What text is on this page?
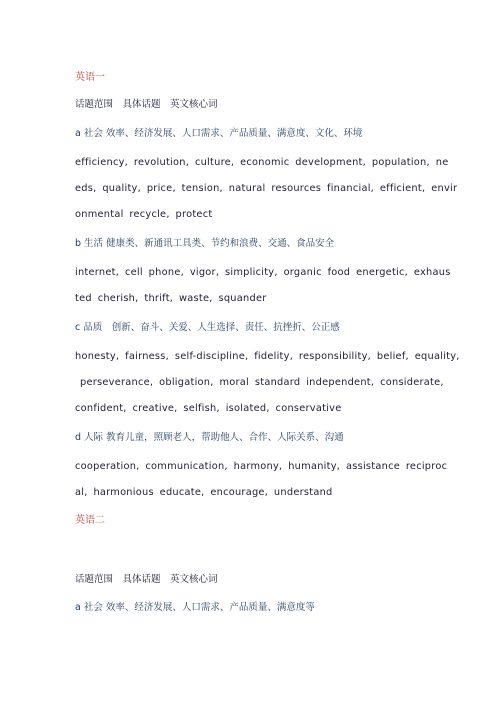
英语一
话题范围　具体话题　英文核心词
a 社会 效率、经济发展、人口需求、产品质量、满意度、文化、环境
efficiency, revolution, culture, economic development, population, ne
eds, quality, price, tension, natural resources financial, efficient, envir
onmental recycle, protect
b 生活 健康类、新通讯工具类、节约和浪费、交通、食品安全
internet, cell phone, vigor, simplicity, organic food energetic, exhaus
ted cherish, thrift, waste, squander
c 品质　创新、奋斗、关爱、人生选择、责任、抗挫折、公正感
honesty, fairness, self-discipline, fidelity, responsibility, belief, equality,
perseverance, obligation, moral standard independent, considerate,
confident, creative, selfish, isolated, conservative
d 人际 教育儿童，照顾老人，帮助他人、合作、人际关系、沟通
cooperation, communication, harmony, humanity, assistance reciproc
al, harmonious educate, encourage, understand
英语二
话题范围　具体话题　英文核心词
a 社会 效率、经济发展、人口需求、产品质量、满意度等
